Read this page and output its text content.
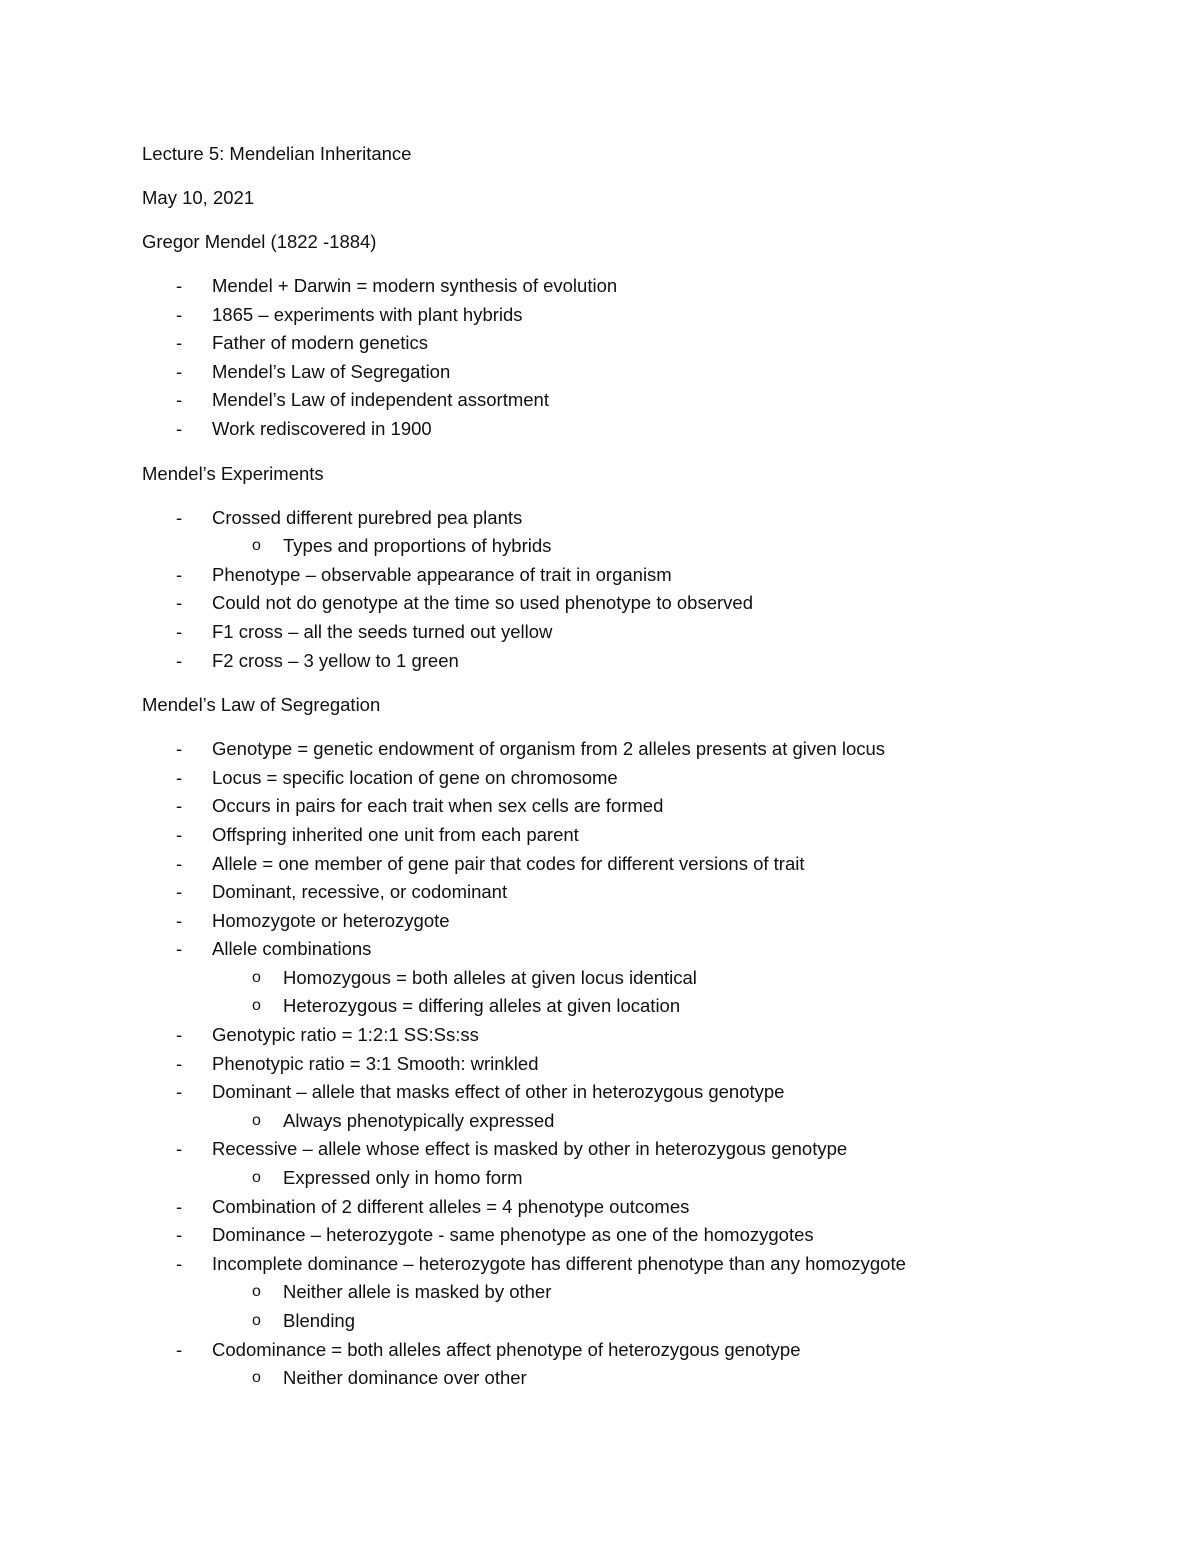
Lecture 5: Mendelian Inheritance

May 10, 2021

Gregor Mendel (1822 -1884)

- Mendel + Darwin = modern synthesis of evolution
- 1865 – experiments with plant hybrids
- Father of modern genetics
- Mendel’s Law of Segregation
- Mendel’s Law of independent assortment
- Work rediscovered in 1900

Mendel’s Experiments

- Crossed different purebred pea plants
o Types and proportions of hybrids
- Phenotype – observable appearance of trait in organism
- Could not do genotype at the time so used phenotype to observed
- F1 cross – all the seeds turned out yellow
- F2 cross – 3 yellow to 1 green

Mendel’s Law of Segregation

- Genotype = genetic endowment of organism from 2 alleles presents at given locus
- Locus = specific location of gene on chromosome
- Occurs in pairs for each trait when sex cells are formed
- Offspring inherited one unit from each parent
- Allele = one member of gene pair that codes for different versions of trait
- Dominant, recessive, or codominant
- Homozygote or heterozygote
- Allele combinations
o Homozygous = both alleles at given locus identical
o Heterozygous = differing alleles at given location
- Genotypic ratio = 1:2:1 SS:Ss:ss
- Phenotypic ratio = 3:1 Smooth: wrinkled
- Dominant – allele that masks effect of other in heterozygous genotype
o Always phenotypically expressed
- Recessive – allele whose effect is masked by other in heterozygous genotype
o Expressed only in homo form
- Combination of 2 different alleles = 4 phenotype outcomes
- Dominance – heterozygote - same phenotype as one of the homozygotes
- Incomplete dominance – heterozygote has different phenotype than any homozygote
o Neither allele is masked by other
o Blending
- Codominance = both alleles affect phenotype of heterozygous genotype
o Neither dominance over other
